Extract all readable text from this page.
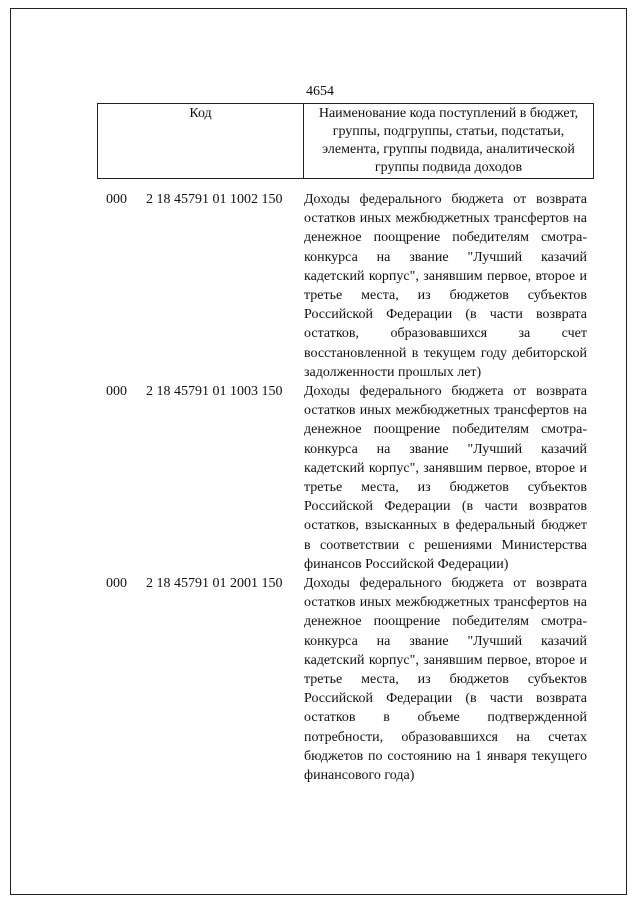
4654
Код	Наименование кода поступлений в бюджет, группы, подгруппы, статьи, подстатьи, элемента, группы подвида, аналитической группы подвида доходов
000 2 18 45791 01 1002 150 Доходы федерального бюджета от возврата остатков иных межбюджетных трансфертов на денежное поощрение победителям смотра-конкурса на звание "Лучший казачий кадетский корпус", занявшим первое, второе и третье места, из бюджетов субъектов Российской Федерации (в части возврата остатков, образовавшихся за счет восстановленной в текущем году дебиторской задолженности прошлых лет)
000 2 18 45791 01 1003 150 Доходы федерального бюджета от возврата остатков иных межбюджетных трансфертов на денежное поощрение победителям смотра-конкурса на звание "Лучший казачий кадетский корпус", занявшим первое, второе и третье места, из бюджетов субъектов Российской Федерации (в части возвратов остатков, взысканных в федеральный бюджет в соответствии с решениями Министерства финансов Российской Федерации)
000 2 18 45791 01 2001 150 Доходы федерального бюджета от возврата остатков иных межбюджетных трансфертов на денежное поощрение победителям смотра-конкурса на звание "Лучший казачий кадетский корпус", занявшим первое, второе и третье места, из бюджетов субъектов Российской Федерации (в части возврата остатков в объеме подтвержденной потребности, образовавшихся на счетах бюджетов по состоянию на 1 января текущего финансового года)
